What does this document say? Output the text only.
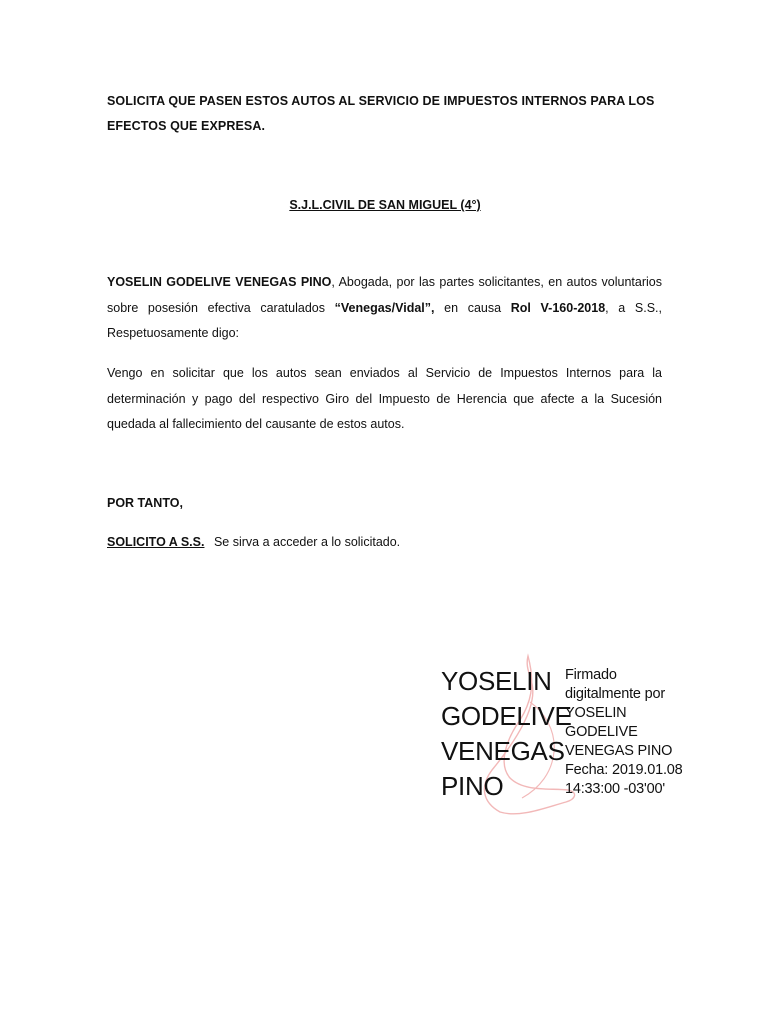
SOLICITA QUE PASEN ESTOS AUTOS AL SERVICIO DE IMPUESTOS INTERNOS PARA LOS EFECTOS QUE EXPRESA.
S.J.L.CIVIL DE SAN MIGUEL (4°)
YOSELIN GODELIVE VENEGAS PINO, Abogada, por las partes solicitantes, en autos voluntarios sobre posesión efectiva caratulados “Venegas/Vidal”, en causa Rol V-160-2018, a S.S., Respetuosamente digo:
Vengo en solicitar que los autos sean enviados al Servicio de Impuestos Internos para la determinación y pago del respectivo Giro del Impuesto de Herencia que afecte a la Sucesión quedada al fallecimiento del causante de estos autos.
POR TANTO,
SOLICITO A S.S. Se sirva a acceder a lo solicitado.
YOSELIN
GODELIVE
VENEGAS
PINO
Firmado
digitalmente por
YOSELIN
GODELIVE
VENEGAS PINO
Fecha: 2019.01.08
14:33:00 -03'00'
